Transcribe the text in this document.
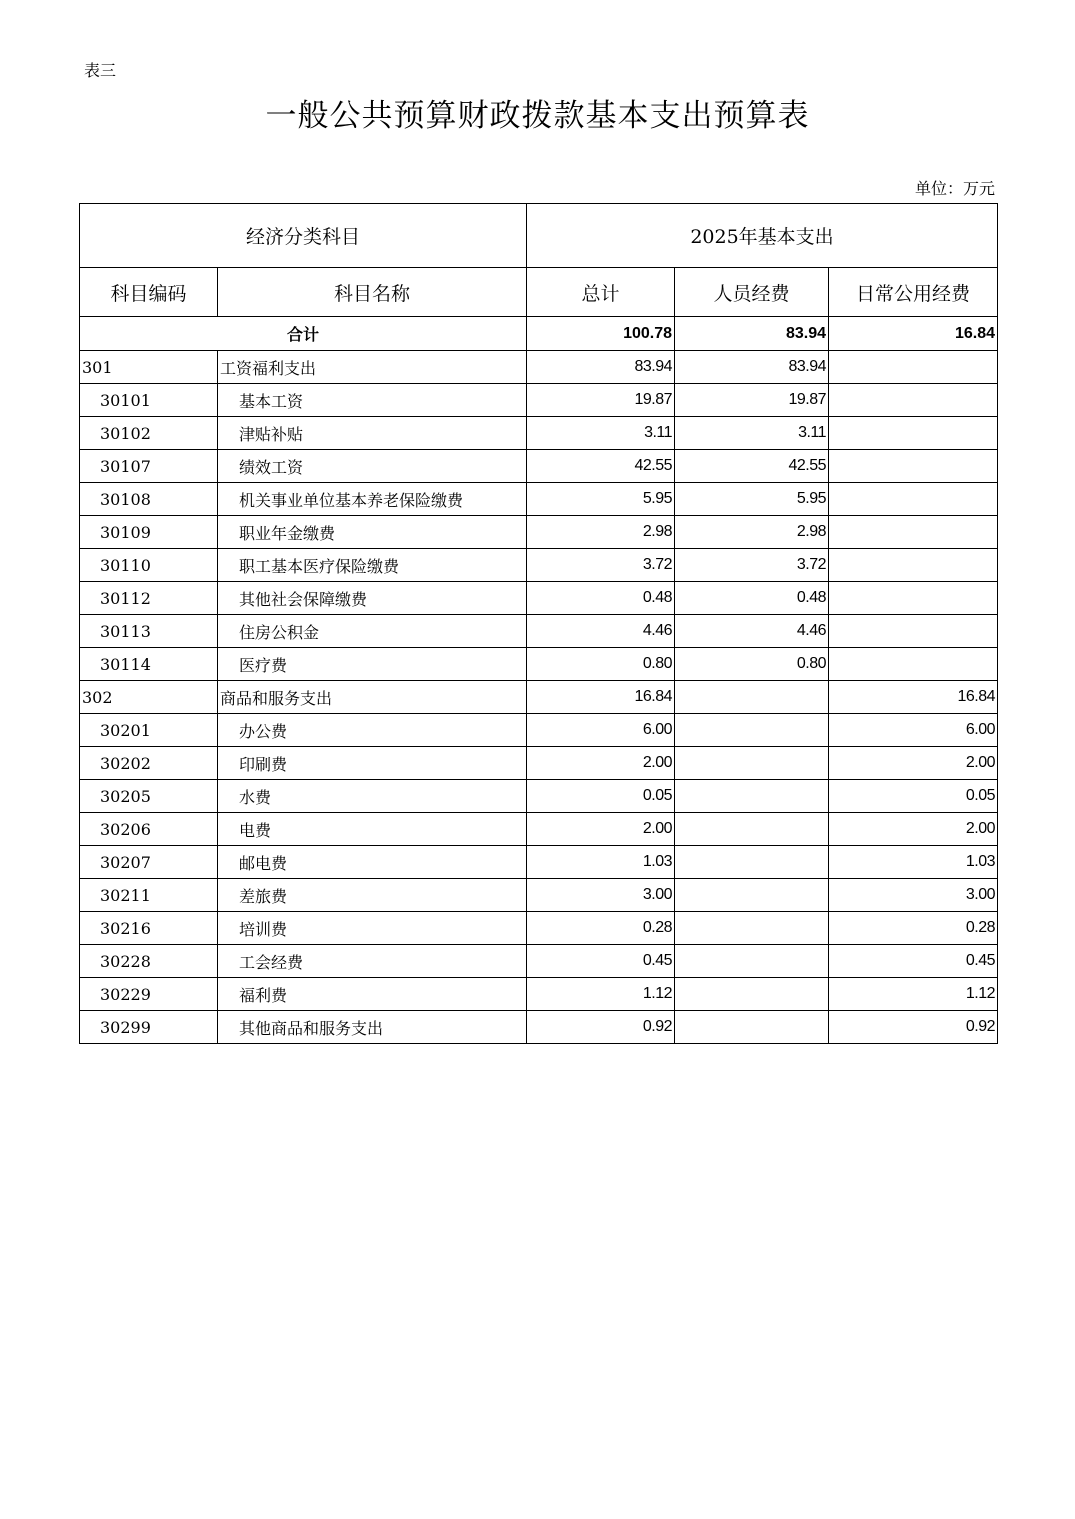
表三
一般公共预算财政拨款基本支出预算表
单位：万元
经济分类科目		2025年基本支出		
科目编码	科目名称	总计	人员经费	日常公用经费
合计		100.78	83.94	16.84
301	工资福利支出	83.94	83.94	
30101	基本工资	19.87	19.87	
30102	津贴补贴	3.11	3.11	
30107	绩效工资	42.55	42.55	
30108	机关事业单位基本养老保险缴费	5.95	5.95	
30109	职业年金缴费	2.98	2.98	
30110	职工基本医疗保险缴费	3.72	3.72	
30112	其他社会保障缴费	0.48	0.48	
30113	住房公积金	4.46	4.46	
30114	医疗费	0.80	0.80	
302	商品和服务支出	16.84		16.84
30201	办公费	6.00		6.00
30202	印刷费	2.00		2.00
30205	水费	0.05		0.05
30206	电费	2.00		2.00
30207	邮电费	1.03		1.03
30211	差旅费	3.00		3.00
30216	培训费	0.28		0.28
30228	工会经费	0.45		0.45
30229	福利费	1.12		1.12
30299	其他商品和服务支出	0.92		0.92
